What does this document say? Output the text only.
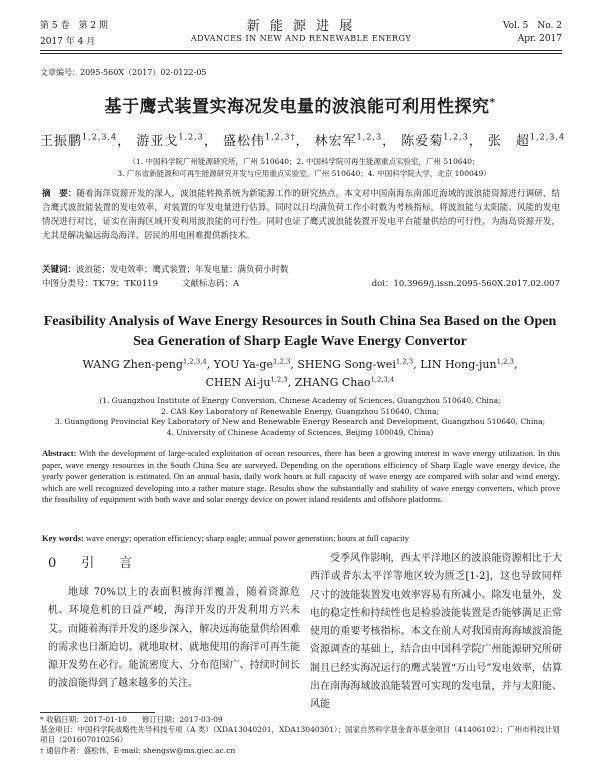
第 5 卷　第 2 期
2017 年 4 月
新 能 源 进 展
ADVANCES IN NEW AND RENEWABLE ENERGY
Vol. 5　No. 2
Apr. 2017
文章编号：2095-560X（2017）02-0122-05
基于鹰式装置实海况发电量的波浪能可利用性探究*
王振鹏$^{1,2,3,4}$， 游亚戈$^{1,2,3}$， 盛松伟$^{1,2,3\dagger}$， 林宏军$^{1,2,3}$， 陈爱菊$^{1,2,3}$， 张　超$^{1,2,3,4}$
（1. 中国科学院广州能源研究所，广州 510640；2. 中国科学院可再生能源重点实验室，广州 510640；
3. 广东省新能源和可再生能源研究开发与应用重点实验室，广州 510640；4. 中国科学院大学，北京 100049）
摘　要：随着海洋资源开发的深入，波浪能转换系统为新能源工作的研究热点。本文对中国南海东南部近海域的波浪能资源进行调研，结合鹰式波浪能装置的发电效率，对装置的年发电量进行估算。同时以日均满负荷工作小时数为考核指标，将波浪能与太阳能、风能的发电情况进行对比，证实在南海区域开发利用波浪能的可行性。同时也证了鹰式波浪能装置开发电平台能量供给的可行性，为海岛资源开发，尤其是解决偏远海岛海洋、居民的用电困难提供新技术。
关键词：波浪能；发电效率；鹰式装置；年发电量；满负荷小时数
中图分类号：TK79；TK0119	文献标志码：A	doi：10.3969/j.issn.2095-560X.2017.02.007
Feasibility Analysis of Wave Energy Resources in South China Sea Based on the Open Sea Generation of Sharp Eagle Wave Energy Convertor
WANG Zhen-peng$^{1,2,3,4}$, YOU Ya-ge$^{1,2,3}$, SHENG Song-wei$^{1,2,3}$, LIN Hong-jun$^{1,2,3}$,
CHEN Ai-ju$^{1,2,3}$, ZHANG Chao$^{1,2,3,4}$
(1. Guangzhou Institute of Energy Conversion, Chinese Academy of Sciences, Guangzhou 510640, China;
2. CAS Key Laboratory of Renewable Energy, Guangzhou 510640, China;
3. Guangdong Provincial Key Laboratory of New and Renewable Energy Research and Development, Guangzhou 510640, China;
4. University of Chinese Academy of Sciences, Beijing 100049, China)
Abstract: With the development of large-scaled exploitation of ocean resources, there has been a growing interest in wave energy utilization. In this paper, wave energy resources in the South China Sea are surveyed. Depending on the operations efficiency of Sharp Eagle wave energy device, the yearly power generation is estimated. On an annual basis, daily work hours at full capacity of wave energy are compared with solar and wind energy, which are well recognized developing into a rather mature stage. Results show the substantially and stability of wave energy converters, which prove the feasibility of equipment with both wave and solar energy device on power island residents and offshore platforms.
Key words: wave energy; operation efficiency; sharp eagle; annual power generation; hours at full capacity
0　引　言
地球 70%以上的表面积被海洋覆盖，随着资源危机、环境危机的日益严峻，海洋开发的开发利用方兴未艾。而随着海洋开发的逐步深入，解决远海能量供给困难的需求也日渐迫切。就地取材、就地使用的海洋可再生能源开发势在必行。能流密度大、分布范围广、持续时间长的波浪能得到了越来越多的关注。
受季风作影响，西太平洋地区的波浪能资源相比于大西洋或者东太平洋等地区较为匮乏[1-2]，这也导致同样尺寸的波能装置发电效率容易有所减小。除发电量外，发电的稳定性和持续性也是检验波能装置是否能够满足正常使用的重要考核指标。本文在前人对我国南海海域波浪能资源调查的基础上，结合由中国科学院广州能源研究所研制且已经实海况运行的鹰式装置“万山号”发电效率，估算出在南海海域波浪能装置可实现的发电量，并与太阳能、风能
* 收稿日期：2017-01-10　　修订日期：2017-03-09
基金项目：中国科学院战略性先导科技专项（A 类）（XDA13040201，XDA13040301）；国家自然科学基金青年基金项目（41406102）；广州市科技计划项目（201607010256）
† 通信作者：盛松伟，E-mail: shengsw@ms.giec.ac.cn
